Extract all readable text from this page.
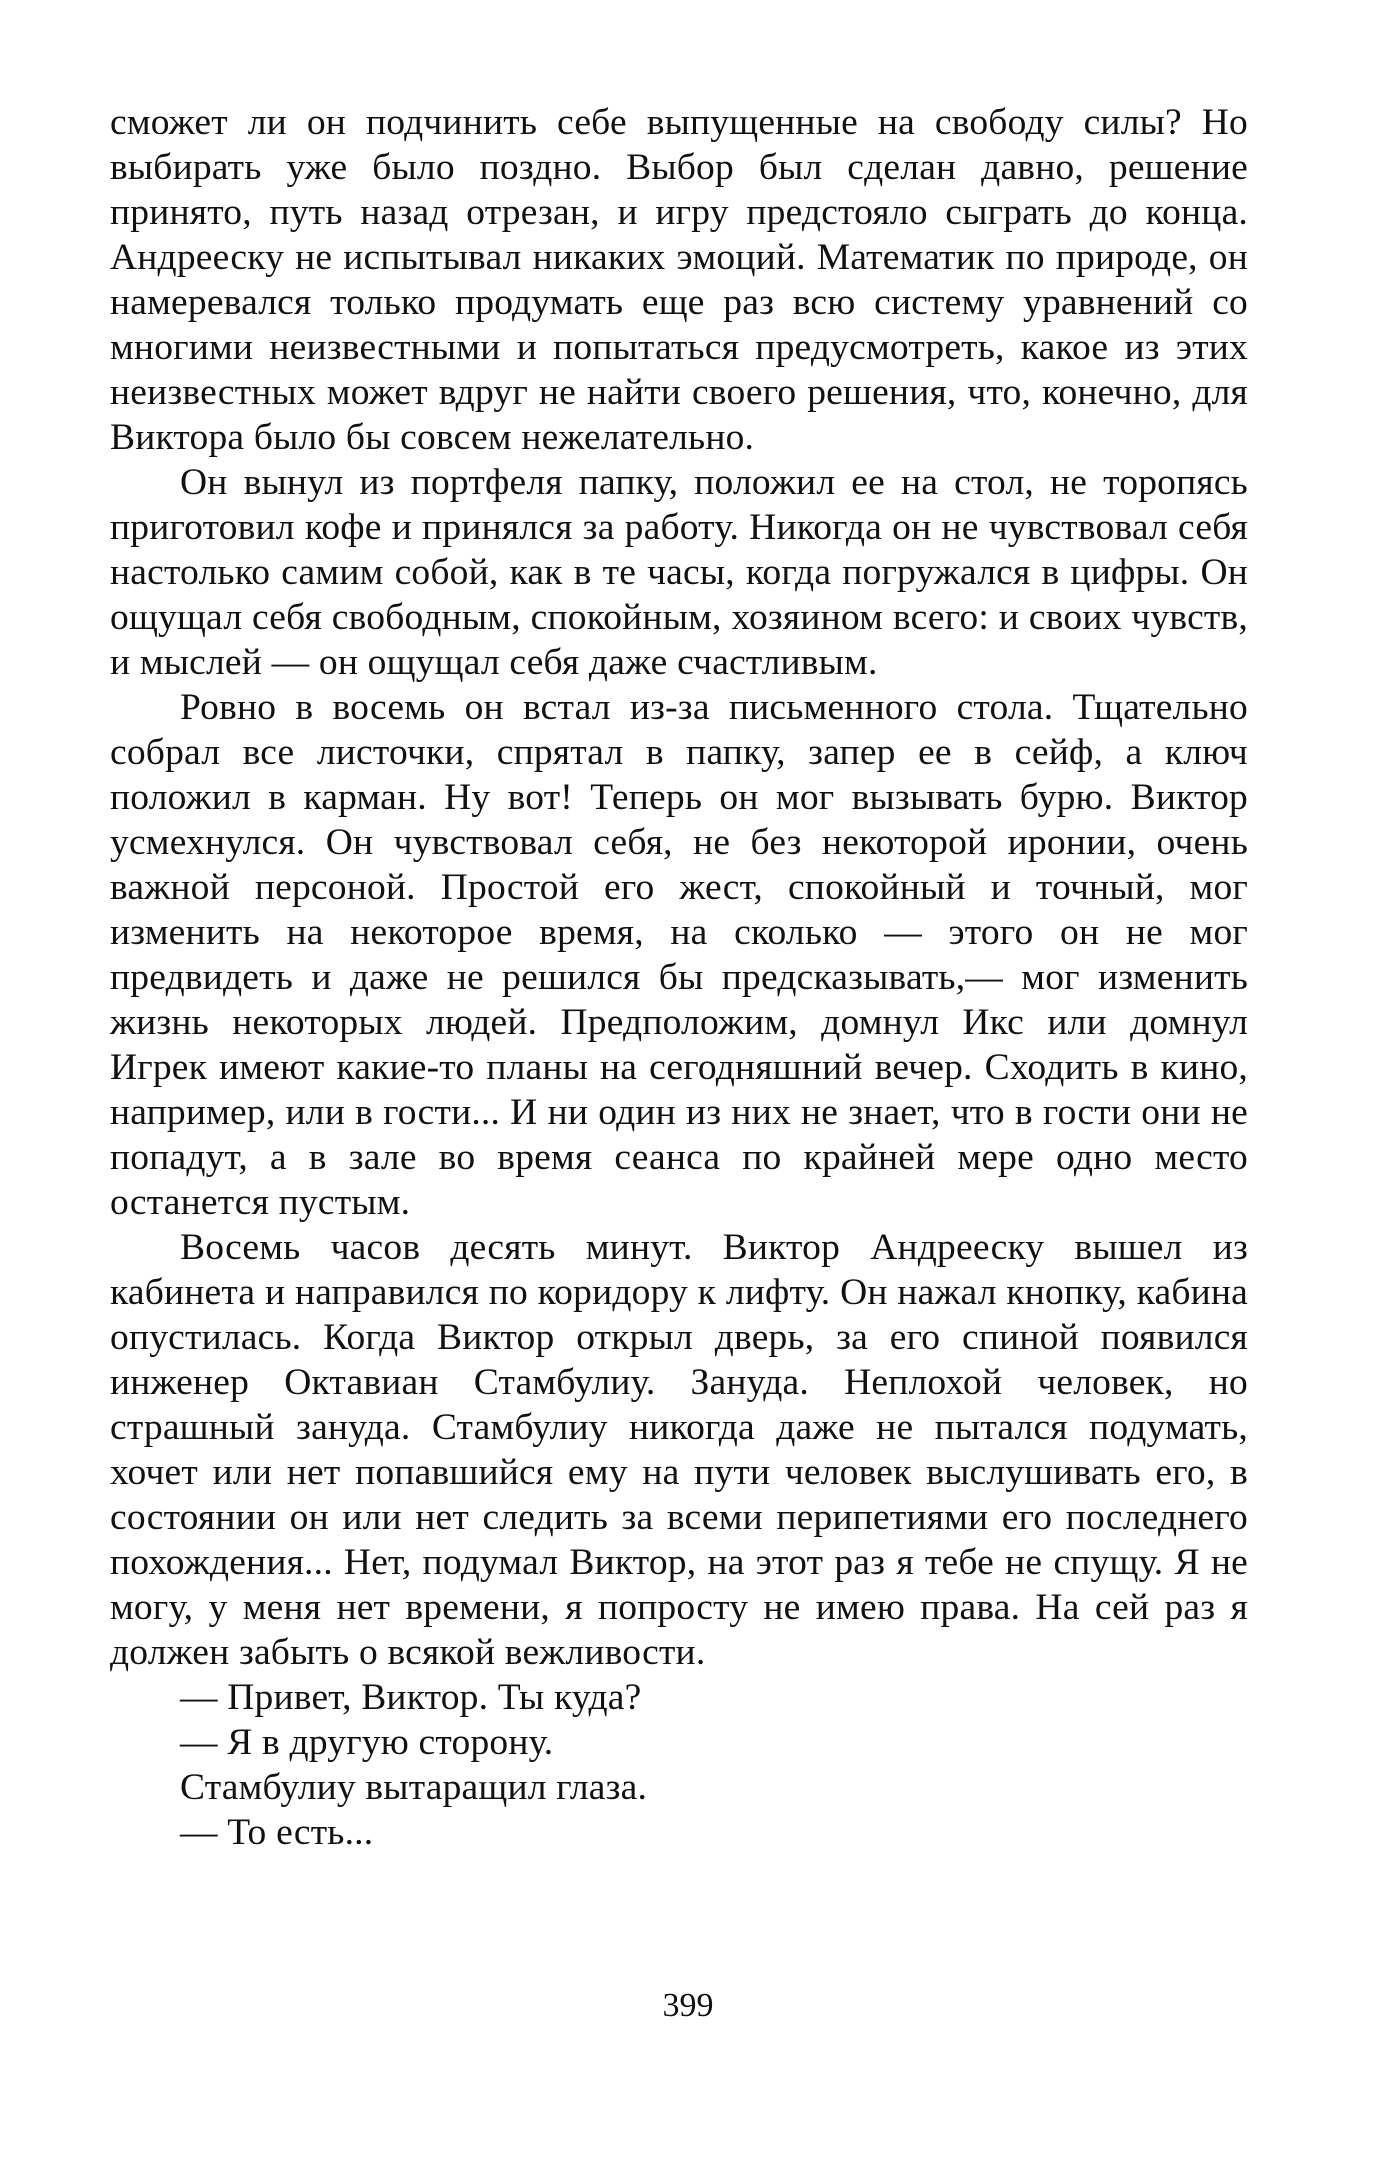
сможет ли он подчинить себе выпущенные на свободу силы? Но выбирать уже было поздно. Выбор был сделан давно, решение принято, путь назад отрезан, и игру предстояло сыграть до конца. Андрееску не испытывал никаких эмоций. Математик по природе, он намеревался только продумать еще раз всю систему уравнений со многими неизвестными и попытаться предусмотреть, какое из этих неизвестных может вдруг не найти своего решения, что, конечно, для Виктора было бы совсем нежелательно.

Он вынул из портфеля папку, положил ее на стол, не торопясь приготовил кофе и принялся за работу. Никогда он не чувствовал себя настолько самим собой, как в те часы, когда погружался в цифры. Он ощущал себя свободным, спокойным, хозяином всего: и своих чувств, и мыслей — он ощущал себя даже счастливым.

Ровно в восемь он встал из-за письменного стола. Тщательно собрал все листочки, спрятал в папку, запер ее в сейф, а ключ положил в карман. Ну вот! Теперь он мог вызывать бурю. Виктор усмехнулся. Он чувствовал себя, не без некоторой иронии, очень важной персоной. Простой его жест, спокойный и точный, мог изменить на некоторое время, на сколько — этого он не мог предвидеть и даже не решился бы предсказывать,— мог изменить жизнь некоторых людей. Предположим, домнул Икс или домнул Игрек имеют какие-то планы на сегодняшний вечер. Сходить в кино, например, или в гости... И ни один из них не знает, что в гости они не попадут, а в зале во время сеанса по крайней мере одно место останется пустым.

Восемь часов десять минут. Виктор Андрееску вышел из кабинета и направился по коридору к лифту. Он нажал кнопку, кабина опустилась. Когда Виктор открыл дверь, за его спиной появился инженер Октавиан Стамбулиу. Зануда. Неплохой человек, но страшный зануда. Стамбулиу никогда даже не пытался подумать, хочет или нет попавшийся ему на пути человек выслушивать его, в состоянии он или нет следить за всеми перипетиями его последнего похождения... Нет, подумал Виктор, на этот раз я тебе не спущу. Я не могу, у меня нет времени, я попросту не имею права. На сей раз я должен забыть о всякой вежливости.

— Привет, Виктор. Ты куда?

— Я в другую сторону.

Стамбулиу вытаращил глаза.

— То есть...

399
